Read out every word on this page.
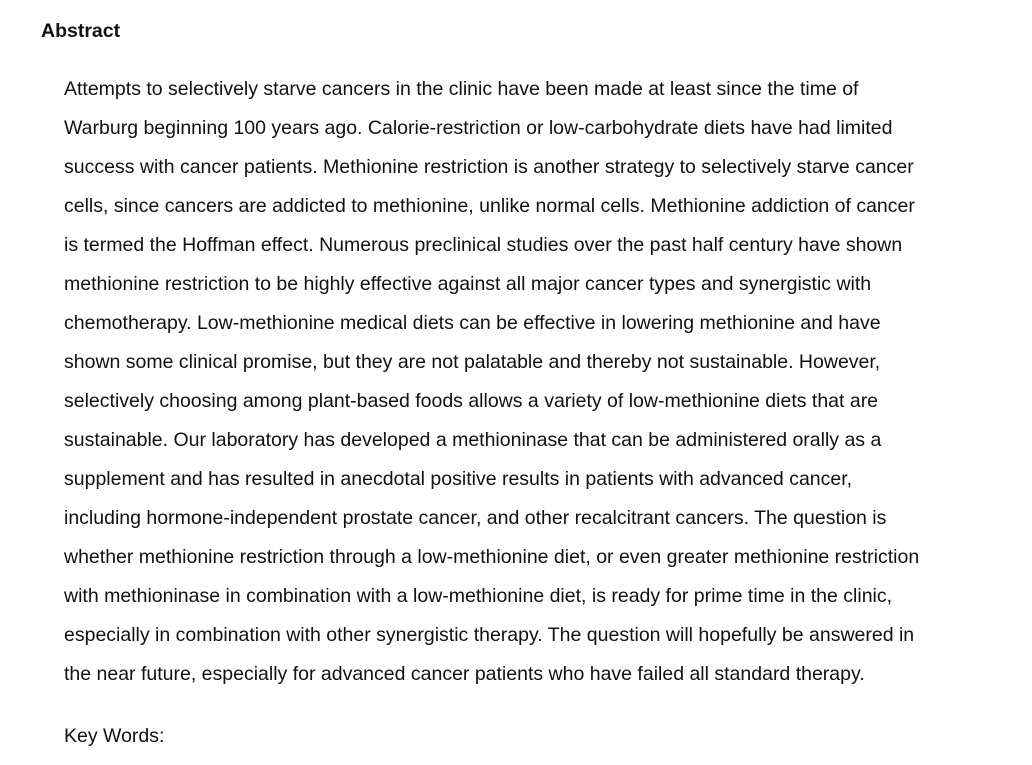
Abstract

Attempts to selectively starve cancers in the clinic have been made at least since the time of
Warburg beginning 100 years ago. Calorie-restriction or low-carbohydrate diets have had limited
success with cancer patients. Methionine restriction is another strategy to selectively starve cancer
cells, since cancers are addicted to methionine, unlike normal cells. Methionine addiction of cancer
is termed the Hoffman effect. Numerous preclinical studies over the past half century have shown
methionine restriction to be highly effective against all major cancer types and synergistic with
chemotherapy. Low-methionine medical diets can be effective in lowering methionine and have
shown some clinical promise, but they are not palatable and thereby not sustainable. However,
selectively choosing among plant-based foods allows a variety of low-methionine diets that are
sustainable. Our laboratory has developed a methioninase that can be administered orally as a
supplement and has resulted in anecdotal positive results in patients with advanced cancer,
including hormone-independent prostate cancer, and other recalcitrant cancers. The question is
whether methionine restriction through a low-methionine diet, or even greater methionine restriction
with methioninase in combination with a low-methionine diet, is ready for prime time in the clinic,
especially in combination with other synergistic therapy. The question will hopefully be answered in
the near future, especially for advanced cancer patients who have failed all standard therapy.

Key Words:
